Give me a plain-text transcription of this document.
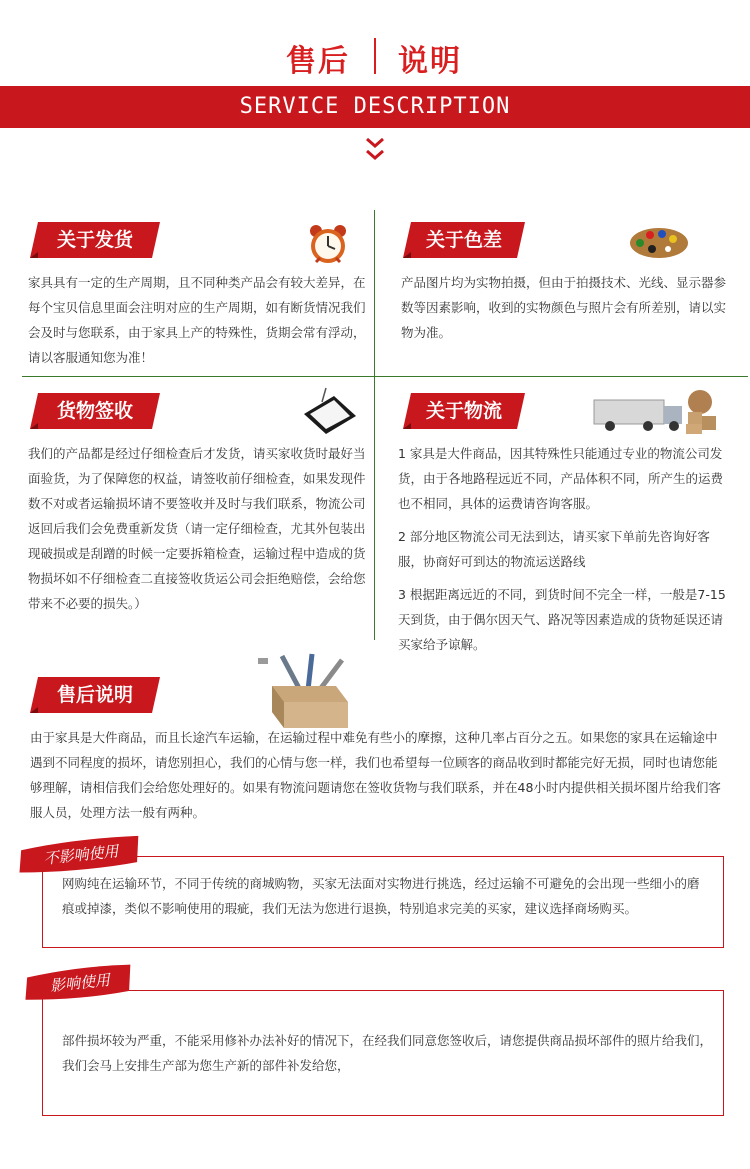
售后 说明
SERVICE DESCRIPTION
关于发货
家具具有一定的生产周期，且不同种类产品会有较大差异，在每个宝贝信息里面会注明对应的生产周期，如有断货情况我们会及时与您联系，由于家具上产的特殊性，货期会常有浮动，请以客服通知您为准！
关于色差
产品图片均为实物拍摄，但由于拍摄技术、光线、显示器参数等因素影响，收到的实物颜色与照片会有所差别，请以实物为准。
货物签收
我们的产品都是经过仔细检查后才发货，请买家收货时最好当面验货，为了保障您的权益，请签收前仔细检查，如果发现件数不对或者运输损坏请不要签收并及时与我们联系，物流公司返回后我们会免费重新发货（请一定仔细检查，尤其外包装出现破损或是刮蹭的时候一定要拆箱检查，运输过程中造成的货物损坏如不仔细检查二直接签收货运公司会拒绝赔偿，会给您带来不必要的损失。）
关于物流

1 家具是大件商品，因其特殊性只能通过专业的物流公司发货，由于各地路程远近不同，产品体积不同，所产生的运费也不相同，具体的运费请咨询客服。

2 部分地区物流公司无法到达，请买家下单前先咨询好客服，协商好可到达的物流运送路线

3 根据距离远近的不同，到货时间不完全一样，一般是7-15天到货，由于偶尔因天气、路况等因素造成的货物延误还请买家给予谅解。

售后说明
由于家具是大件商品，而且长途汽车运输，在运输过程中难免有些小的摩擦，这种几率占百分之五。如果您的家具在运输途中遇到不同程度的损坏，请您别担心，我们的心情与您一样，我们也希望每一位顾客的商品收到时都能完好无损，同时也请您能够理解，请相信我们会给您处理好的。如果有物流问题请您在签收货物与我们联系，并在48小时内提供相关损坏图片给我们客服人员，处理方法一般有两种。
不影响使用
网购纯在运输环节，不同于传统的商城购物，买家无法面对实物进行挑选，经过运输不可避免的会出现一些细小的磨痕或掉漆，类似不影响使用的瑕疵，我们无法为您进行退换，特别追求完美的买家，建议选择商场购买。
影响使用
部件损坏较为严重，不能采用修补办法补好的情况下，在经我们同意您签收后，请您提供商品损坏部件的照片给我们，我们会马上安排生产部为您生产新的部件补发给您，
